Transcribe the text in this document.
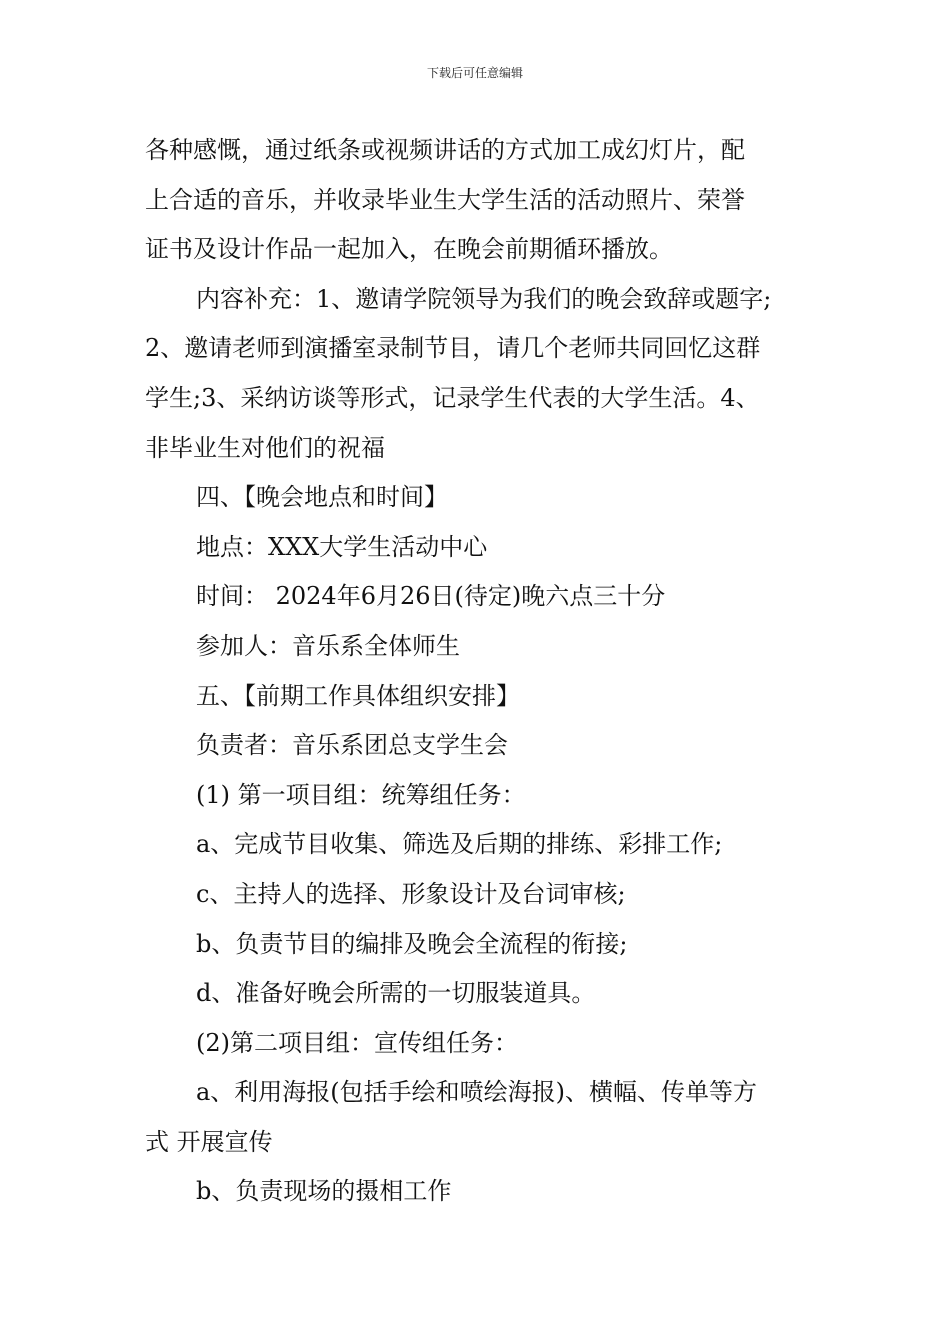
下载后可任意编辑
各种感慨，通过纸条或视频讲话的方式加工成幻灯片，配
上合适的音乐，并收录毕业生大学生活的活动照片、荣誉
证书及设计作品一起加入，在晚会前期循环播放。
内容补充：1、邀请学院领导为我们的晚会致辞或题字;
2、邀请老师到演播室录制节目，请几个老师共同回忆这群
学生;3、采纳访谈等形式，记录学生代表的大学生活。4、
非毕业生对他们的祝福
四、【晚会地点和时间】
地点：XXX大学生活动中心
时间： 2024年6月26日(待定)晚六点三十分
参加人：音乐系全体师生
五、【前期工作具体组织安排】
负责者：音乐系团总支学生会
(1) 第一项目组：统筹组任务：
a、完成节目收集、筛选及后期的排练、彩排工作;
c、主持人的选择、形象设计及台词审核;
b、负责节目的编排及晚会全流程的衔接;
d、准备好晚会所需的一切服装道具。
(2)第二项目组：宣传组任务：
a、利用海报(包括手绘和喷绘海报)、横幅、传单等方
式 开展宣传
b、负责现场的摄相工作
